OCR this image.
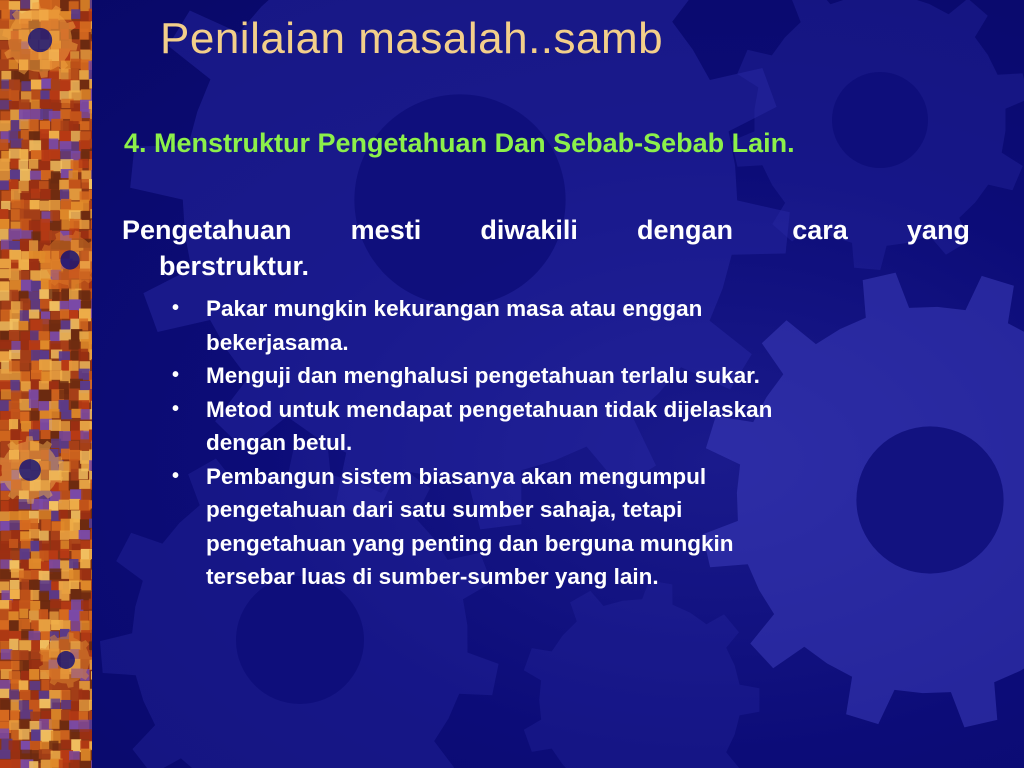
Penilaian masalah..samb
4. Menstruktur Pengetahuan Dan Sebab-Sebab Lain.
Pengetahuan mesti diwakili dengan cara yang
berstruktur.
• Pakar mungkin kekurangan masa atau enggan
bekerjasama.
• Menguji dan menghalusi pengetahuan terlalu sukar.
• Metod untuk mendapat pengetahuan tidak dijelaskan
dengan betul.
• Pembangun sistem biasanya akan mengumpul
pengetahuan dari satu sumber sahaja, tetapi
pengetahuan yang penting dan berguna mungkin
tersebar luas di sumber-sumber yang lain.
